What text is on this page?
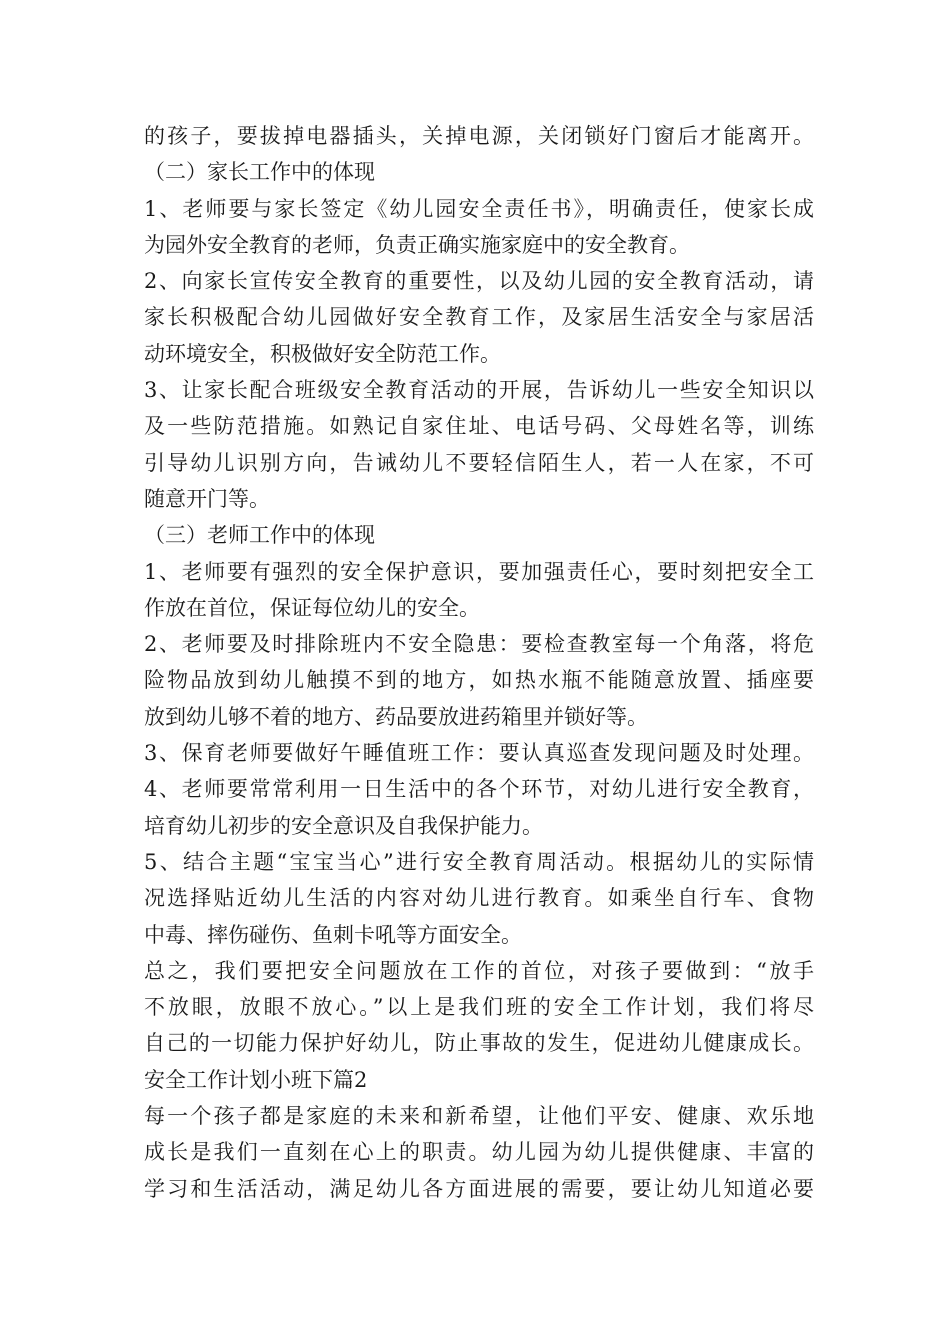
的孩子，要拔掉电器插头，关掉电源，关闭锁好门窗后才能离开。
（二）家长工作中的体现
1、老师要与家长签定《幼儿园安全责任书》，明确责任，使家长成
为园外安全教育的老师，负责正确实施家庭中的安全教育。
2、向家长宣传安全教育的重要性，以及幼儿园的安全教育活动，请
家长积极配合幼儿园做好安全教育工作，及家居生活安全与家居活
动环境安全，积极做好安全防范工作。
3、让家长配合班级安全教育活动的开展，告诉幼儿一些安全知识以
及一些防范措施。如熟记自家住址、电话号码、父母姓名等，训练
引导幼儿识别方向，告诫幼儿不要轻信陌生人，若一人在家，不可
随意开门等。
（三）老师工作中的体现
1、老师要有强烈的安全保护意识，要加强责任心，要时刻把安全工
作放在首位，保证每位幼儿的安全。
2、老师要及时排除班内不安全隐患：要检查教室每一个角落，将危
险物品放到幼儿触摸不到的地方，如热水瓶不能随意放置、插座要
放到幼儿够不着的地方、药品要放进药箱里并锁好等。
3、保育老师要做好午睡值班工作：要认真巡查发现问题及时处理。
4、老师要常常利用一日生活中的各个环节，对幼儿进行安全教育，
培育幼儿初步的安全意识及自我保护能力。
5、结合主题“宝宝当心”进行安全教育周活动。根据幼儿的实际情
况选择贴近幼儿生活的内容对幼儿进行教育。如乘坐自行车、食物
中毒、摔伤碰伤、鱼刺卡吼等方面安全。
总之，我们要把安全问题放在工作的首位，对孩子要做到：“放手
不放眼，放眼不放心。”以上是我们班的安全工作计划，我们将尽
自己的一切能力保护好幼儿，防止事故的发生，促进幼儿健康成长。
安全工作计划小班下篇2
每一个孩子都是家庭的未来和新希望，让他们平安、健康、欢乐地
成长是我们一直刻在心上的职责。幼儿园为幼儿提供健康、丰富的
学习和生活活动，满足幼儿各方面进展的需要，要让幼儿知道必要
